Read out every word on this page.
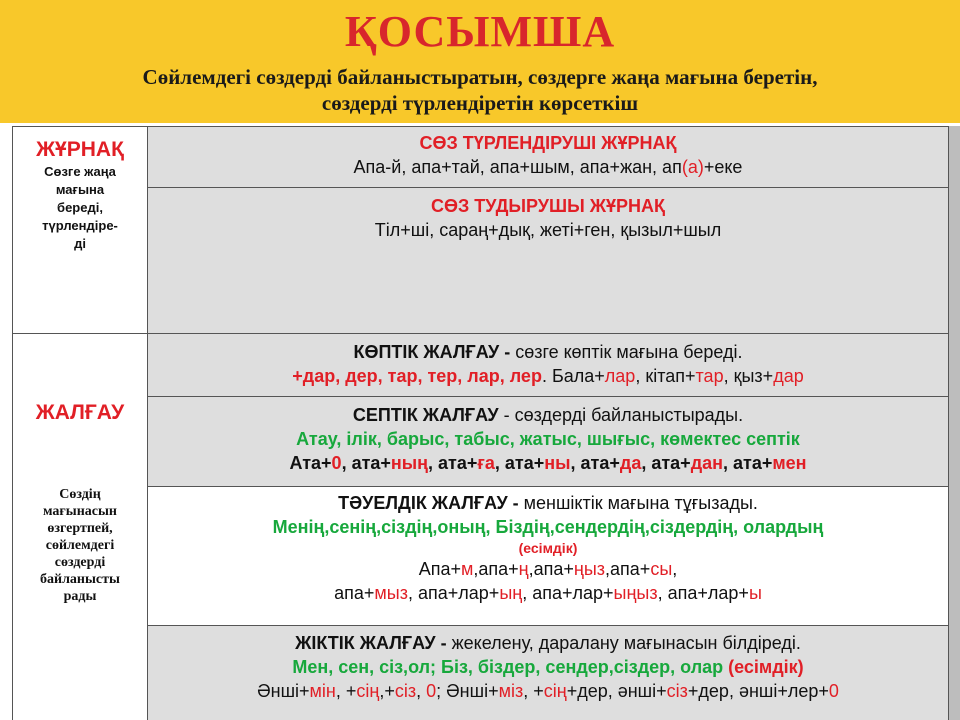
ҚОСЫМША
Сөйлемдегі сөздерді байланыстыратын, сөздерге жаңа мағына беретін,
сөздерді түрлендіретін көрсеткіш
ЖҰРНАҚ
Сөзге жаңа
мағына
береді,
түрлендіре-
ді
ЖАЛҒАУ
Сөздің
мағынасын
өзгертпей,
сөйлемдегі
сөздерді
байланысты
рады
СӨЗ ТҮРЛЕНДІРУШІ ЖҰРНАҚ
Апа-й, апа+тай, апа+шым, апа+жан, ап(а)+еке
СӨЗ ТУДЫРУШЫ ЖҰРНАҚ
Тіл+ші, сараң+дық, жеті+ген, қызыл+шыл
КӨПТІК ЖАЛҒАУ - сөзге көптік мағына береді.
+дар, дер, тар, тер, лар, лер. Бала+лар, кітап+тар, қыз+дар
СЕПТІК ЖАЛҒАУ - сөздерді байланыстырады.
Атау, ілік, барыс, табыс, жатыс, шығыс, көмектес септік
Ата+0, ата+ның, ата+ға, ата+ны, ата+да, ата+дан, ата+мен
ТӘУЕЛДІК ЖАЛҒАУ - меншіктік мағына тұғызады.
Менің,сенің,сіздің,оның, Біздің,сендердің,сіздердің, олардың
(есімдік)
Апа+м,апа+ң,апа+ңыз,апа+сы,
апа+мыз, апа+лар+ың, апа+лар+ыңыз, апа+лар+ы
ЖІКТІК ЖАЛҒАУ - жекелену, даралану мағынасын білдіреді.
Мен, сен, сіз,ол; Біз, біздер, сендер,сіздер, олар (есімдік)
Әнші+мін, +сің,+сіз, 0; Әнші+міз, +сің+дер, әнші+сіз+дер, әнші+лер+0
